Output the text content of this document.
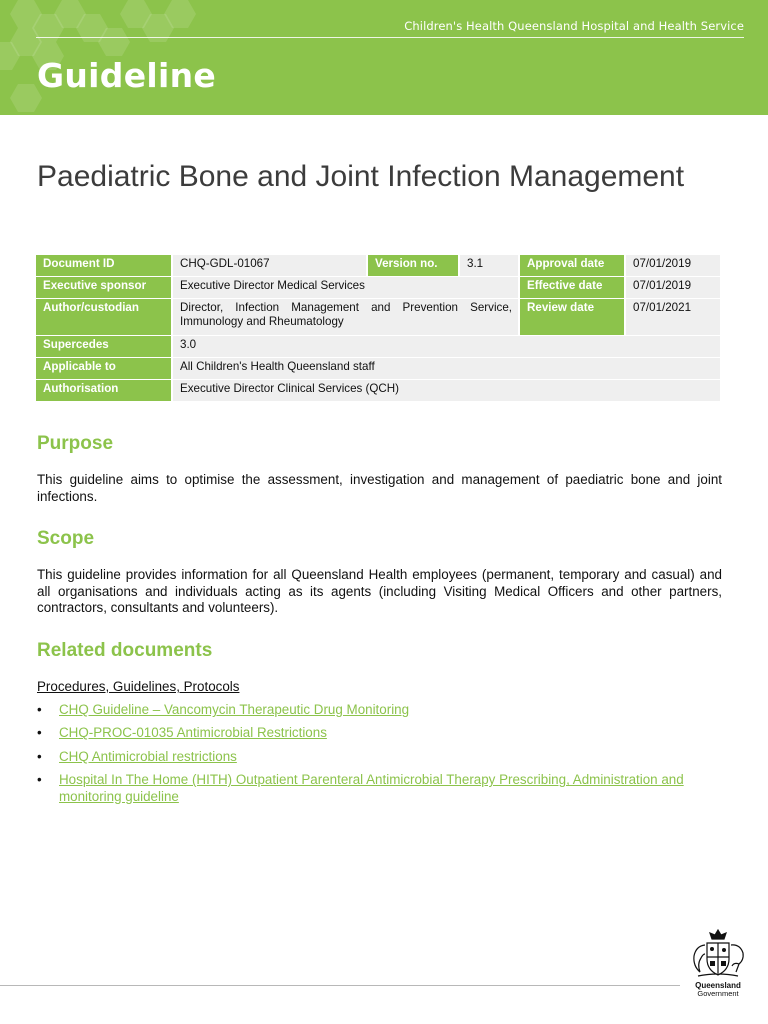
Children's Health Queensland Hospital and Health Service
Guideline
Paediatric Bone and Joint Infection Management
Document ID	CHQ-GDL-01067	Version no.	3.1	Approval date	07/01/2019
Executive sponsor	Executive Director Medical Services			Effective date	07/01/2019
Author/custodian	Director, Infection Management and Prevention Service, Immunology and Rheumatology			Review date	07/01/2021
Supercedes	3.0				
Applicable to	All Children's Health Queensland staff				
Authorisation	Executive Director Clinical Services (QCH)				
Purpose

This guideline aims to optimise the assessment, investigation and management of paediatric bone and joint infections.

Scope

This guideline provides information for all Queensland Health employees (permanent, temporary and casual) and all organisations and individuals acting as its agents (including Visiting Medical Officers and other partners, contractors, consultants and volunteers).

Related documents

Procedures, Guidelines, Protocols

• CHQ Guideline – Vancomycin Therapeutic Drug Monitoring
• CHQ-PROC-01035 Antimicrobial Restrictions
• CHQ Antimicrobial restrictions
• Hospital In The Home (HITH) Outpatient Parenteral Antimicrobial Therapy Prescribing, Administration and monitoring guideline
Queensland
Government
